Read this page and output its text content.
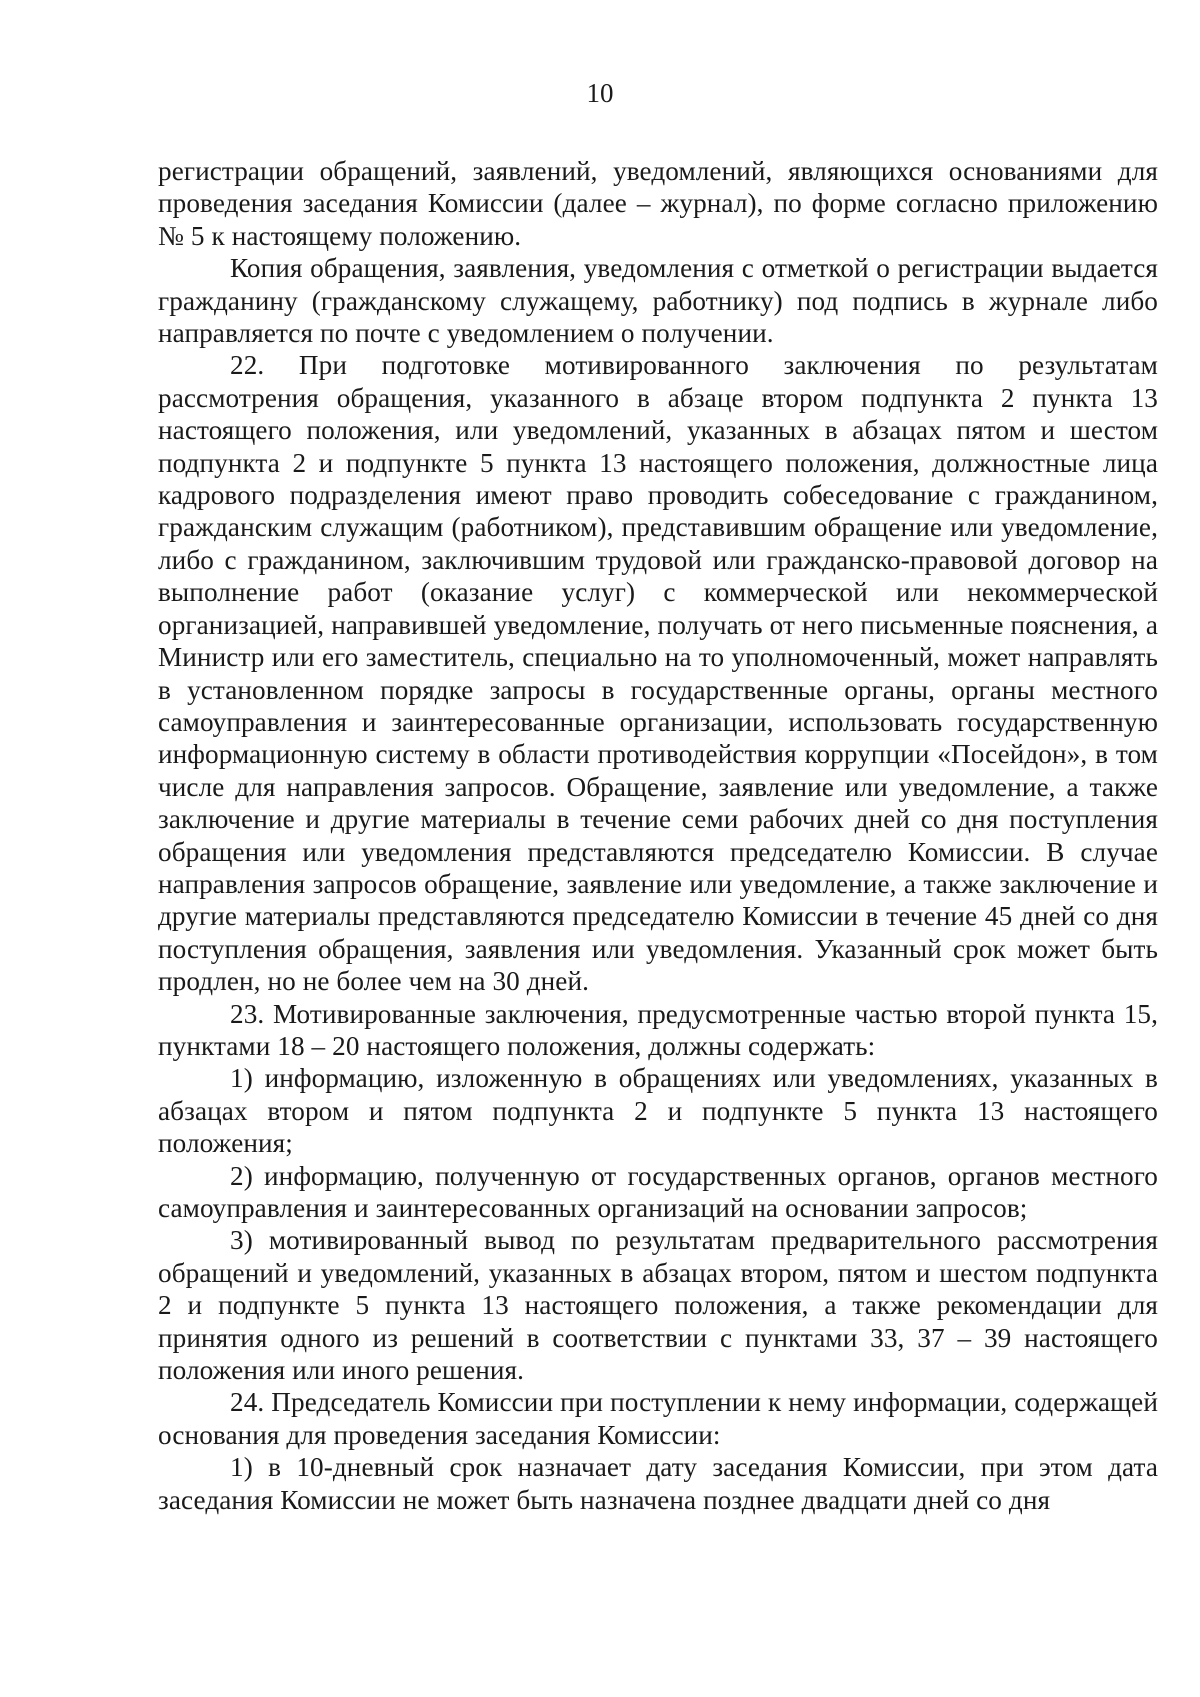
10

регистрации обращений, заявлений, уведомлений, являющихся основаниями для проведения заседания Комиссии (далее – журнал), по форме согласно приложению № 5 к настоящему положению.

Копия обращения, заявления, уведомления с отметкой о регистрации выдается гражданину (гражданскому служащему, работнику) под подпись в журнале либо направляется по почте с уведомлением о получении.

22. При подготовке мотивированного заключения по результатам рассмотрения обращения, указанного в абзаце втором подпункта 2 пункта 13 настоящего положения, или уведомлений, указанных в абзацах пятом и шестом подпункта 2 и подпункте 5 пункта 13 настоящего положения, должностные лица кадрового подразделения имеют право проводить собеседование с гражданином, гражданским служащим (работником), представившим обращение или уведомление, либо с гражданином, заключившим трудовой или гражданско-правовой договор на выполнение работ (оказание услуг) с коммерческой или некоммерческой организацией, направившей уведомление, получать от него письменные пояснения, а Министр или его заместитель, специально на то уполномоченный, может направлять в установленном порядке запросы в государственные органы, органы местного самоуправления и заинтересованные организации, использовать государственную информационную систему в области противодействия коррупции «Посейдон», в том числе для направления запросов. Обращение, заявление или уведомление, а также заключение и другие материалы в течение семи рабочих дней со дня поступления обращения или уведомления представляются председателю Комиссии. В случае направления запросов обращение, заявление или уведомление, а также заключение и другие материалы представляются председателю Комиссии в течение 45 дней со дня поступления обращения, заявления или уведомления. Указанный срок может быть продлен, но не более чем на 30 дней.

23. Мотивированные заключения, предусмотренные частью второй пункта 15, пунктами 18 – 20 настоящего положения, должны содержать:

1) информацию, изложенную в обращениях или уведомлениях, указанных в абзацах втором и пятом подпункта 2 и подпункте 5 пункта 13 настоящего положения;

2) информацию, полученную от государственных органов, органов местного самоуправления и заинтересованных организаций на основании запросов;

3) мотивированный вывод по результатам предварительного рассмотрения обращений и уведомлений, указанных в абзацах втором, пятом и шестом подпункта 2 и подпункте 5 пункта 13 настоящего положения, а также рекомендации для принятия одного из решений в соответствии с пунктами 33, 37 – 39 настоящего положения или иного решения.

24. Председатель Комиссии при поступлении к нему информации, содержащей основания для проведения заседания Комиссии:

1) в 10-дневный срок назначает дату заседания Комиссии, при этом дата заседания Комиссии не может быть назначена позднее двадцати дней со дня
